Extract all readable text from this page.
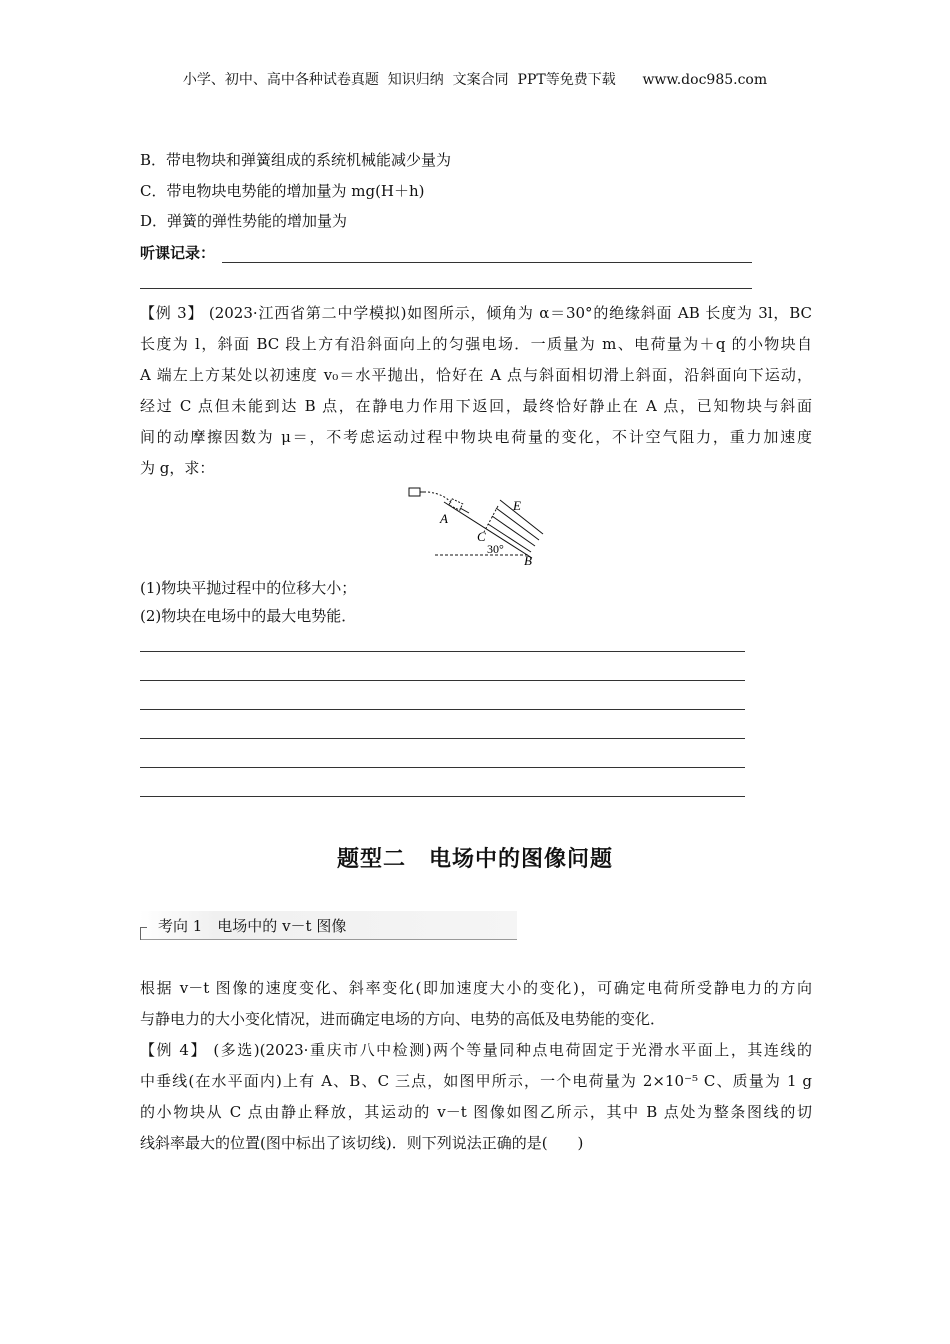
小学、初中、高中各种试卷真题  知识归纳  文案合同  PPT等免费下载      www.doc985.com
B．带电物块和弹簧组成的系统机械能减少量为
C．带电物块电势能的增加量为 mg(H＋h)
D．弹簧的弹性势能的增加量为
听课记录：
【例 3】 (2023·江西省第二中学模拟)如图所示，倾角为 α＝30°的绝缘斜面 AB 长度为 3l，BC
长度为 l，斜面 BC 段上方有沿斜面向上的匀强电场．一质量为 m、电荷量为＋q 的小物块自
A 端左上方某处以初速度 v₀＝水平抛出，恰好在 A 点与斜面相切滑上斜面，沿斜面向下运动，
经过 C 点但未能到达 B 点，在静电力作用下返回，最终恰好静止在 A 点，已知物块与斜面
间的动摩擦因数为 μ＝，不考虑运动过程中物块电荷量的变化，不计空气阻力，重力加速度
为 g，求：
A
C
E
B
30°
(1)物块平抛过程中的位移大小；
(2)物块在电场中的最大电势能．
题型二　电场中的图像问题
考向 1　电场中的 v－t 图像
根据 v－t 图像的速度变化、斜率变化(即加速度大小的变化)，可确定电荷所受静电力的方向
与静电力的大小变化情况，进而确定电场的方向、电势的高低及电势能的变化．
【例 4】 (多选)(2023·重庆市八中检测)两个等量同种点电荷固定于光滑水平面上，其连线的
中垂线(在水平面内)上有 A、B、C 三点，如图甲所示，一个电荷量为 2×10⁻⁵ C、质量为 1 g
的小物块从 C 点由静止释放，其运动的 v－t 图像如图乙所示，其中 B 点处为整条图线的切
线斜率最大的位置(图中标出了该切线)．则下列说法正确的是(　　)
